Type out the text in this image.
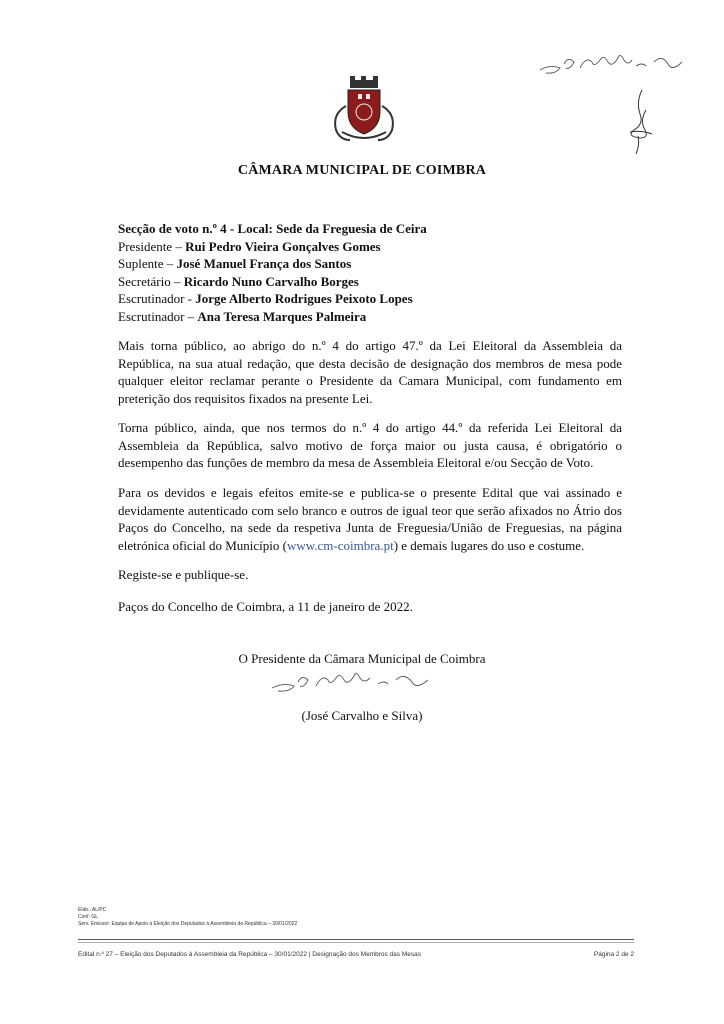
CÂMARA MUNICIPAL DE COIMBRA
Secção de voto n.º 4 - Local: Sede da Freguesia de Ceira
Presidente – Rui Pedro Vieira Gonçalves Gomes
Suplente – José Manuel França dos Santos
Secretário – Ricardo Nuno Carvalho Borges
Escrutinador - Jorge Alberto Rodrigues Peixoto Lopes
Escrutinador – Ana Teresa Marques Palmeira
Mais torna público, ao abrigo do n.º 4 do artigo 47.º da Lei Eleitoral da Assembleia da República, na sua atual redação, que desta decisão de designação dos membros de mesa pode qualquer eleitor reclamar perante o Presidente da Camara Municipal, com fundamento em preterição dos requisitos fixados na presente Lei.
Torna público, ainda, que nos termos do n.º 4 do artigo 44.º da referida Lei Eleitoral da Assembleia da República, salvo motivo de força maior ou justa causa, é obrigatório o desempenho das funções de membro da mesa de Assembleia Eleitoral e/ou Secção de Voto.
Para os devidos e legais efeitos emite-se e publica-se o presente Edital que vai assinado e devidamente autenticado com selo branco e outros de igual teor que serão afixados no Átrio dos Paços do Concelho, na sede da respetiva Junta de Freguesia/União de Freguesias, na página eletrónica oficial do Município (www.cm-coimbra.pt) e demais lugares do uso e costume.
Registe-se e publique-se.
Paços do Concelho de Coimbra, a 11 de janeiro de 2022.
O Presidente da Câmara Municipal de Coimbra
(José Carvalho e Silva)
Elab.: AL/PC
Conf: GL
Serv. Emissor: Equipa de Apoio à Eleição dos Deputados à Assembleia da República – 30/01/2022
Edital n.º 27 – Eleição dos Deputados à Assembleia da República – 30/01/2022 | Designação dos Membros das Mesas	Página 2 de 2
